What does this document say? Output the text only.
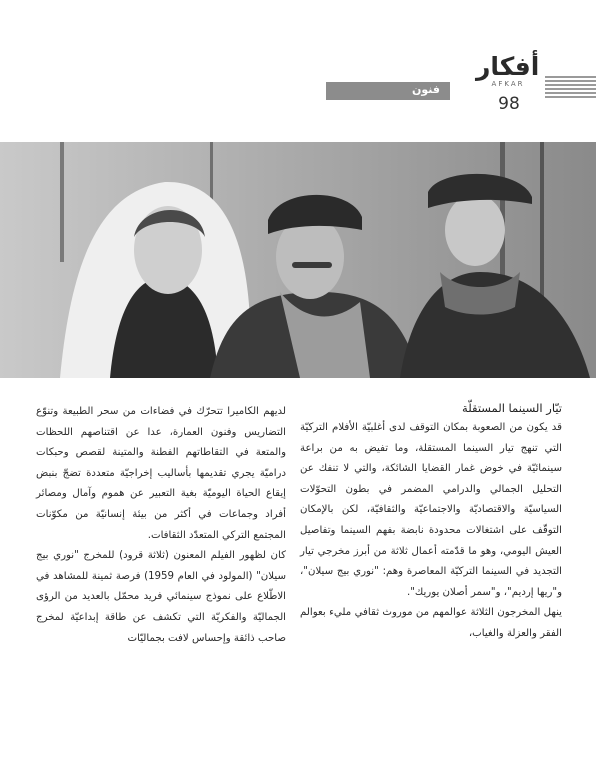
أفكار
AFKAR
فنون
98

تيّار السينما المستقلّة

قد يكون من الصعوبة بمكان التوقف لدى أغلبيّة الأفلام التركيّة التي تنهج تيار السينما المستقلة، وما تفيض به من براعة سينمائيّة في خوض غمار القضايا الشائكة، والتي لا تنفك عن التحليل الجمالي والدرامي المضمر في بطون التحوّلات السياسيّة والاقتصاديّة والاجتماعيّة والثقافيّة، لكن بالإمكان التوقّف على اشتغالات محدودة نابضة بفهم السينما وتفاصيل العيش اليومي، وهو ما قدّمته أعمال ثلاثة من أبرز مخرجي تيار التجديد في السينما التركيّة المعاصرة وهم: "نوري بيج سيلان"، و"ريها إرديم"، و"سمر أصلان يوريك".

ينهل المخرجون الثلاثة عوالمهم من موروث ثقافي مليء بعوالم الفقر والعزلة والغياب،

لديهم الكاميرا تتحرّك في فضاءات من سحر الطبيعة وتنوّع التضاريس وفنون العمارة، عدا عن اقتناصهم اللحظات والمتعة في التقاطاتهم الفطنة والمتينة لقصص وحبكات دراميّة يجري تقديمها بأساليب إخراجيّة متعددة تضجّ بنبض إيقاع الحياة اليوميّة بغية التعبير عن هموم وآمال ومصائر أفراد وجماعات في أكثر من بيئة إنسانيّة من مكوّنات المجتمع التركي المتعدّد الثقافات.

كان لظهور الفيلم المعنون (ثلاثة قرود) للمخرج "نوري بيج سيلان" (المولود في العام 1959) فرصة ثمينة للمشاهد في الاطّلاع على نموذج سينمائي فريد محمّل بالعديد من الرؤى الجماليّة والفكريّة التي تكشف عن طاقة إبداعيّة لمخرج صاحب ذائقة وإحساس لافت بجماليّات
